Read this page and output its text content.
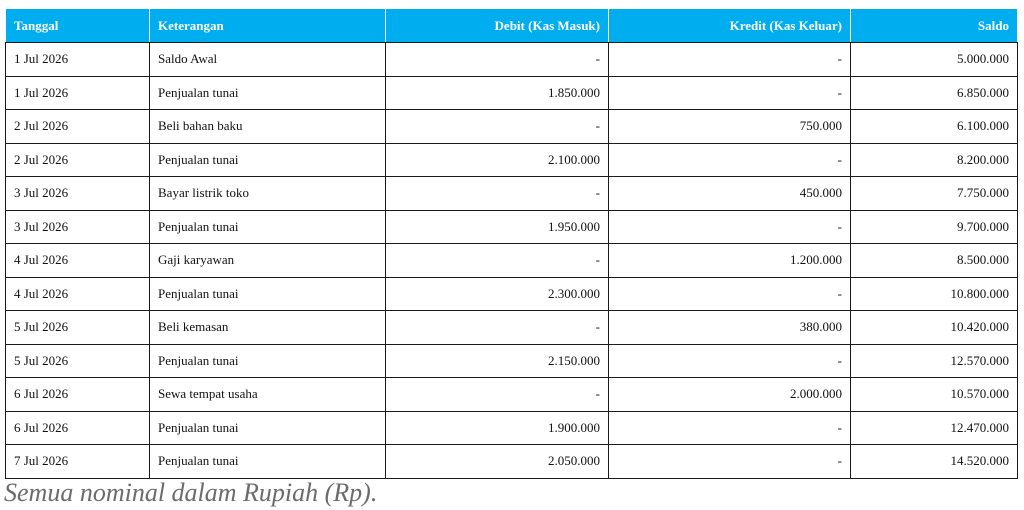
Tanggal	Keterangan	Debit (Kas Masuk)	Kredit (Kas Keluar)	Saldo
1 Jul 2026	Saldo Awal	-	-	5.000.000
1 Jul 2026	Penjualan tunai	1.850.000	-	6.850.000
2 Jul 2026	Beli bahan baku	-	750.000	6.100.000
2 Jul 2026	Penjualan tunai	2.100.000	-	8.200.000
3 Jul 2026	Bayar listrik toko	-	450.000	7.750.000
3 Jul 2026	Penjualan tunai	1.950.000	-	9.700.000
4 Jul 2026	Gaji karyawan	-	1.200.000	8.500.000
4 Jul 2026	Penjualan tunai	2.300.000	-	10.800.000
5 Jul 2026	Beli kemasan	-	380.000	10.420.000
5 Jul 2026	Penjualan tunai	2.150.000	-	12.570.000
6 Jul 2026	Sewa tempat usaha	-	2.000.000	10.570.000
6 Jul 2026	Penjualan tunai	1.900.000	-	12.470.000
7 Jul 2026	Penjualan tunai	2.050.000	-	14.520.000
Semua nominal dalam Rupiah (Rp).
